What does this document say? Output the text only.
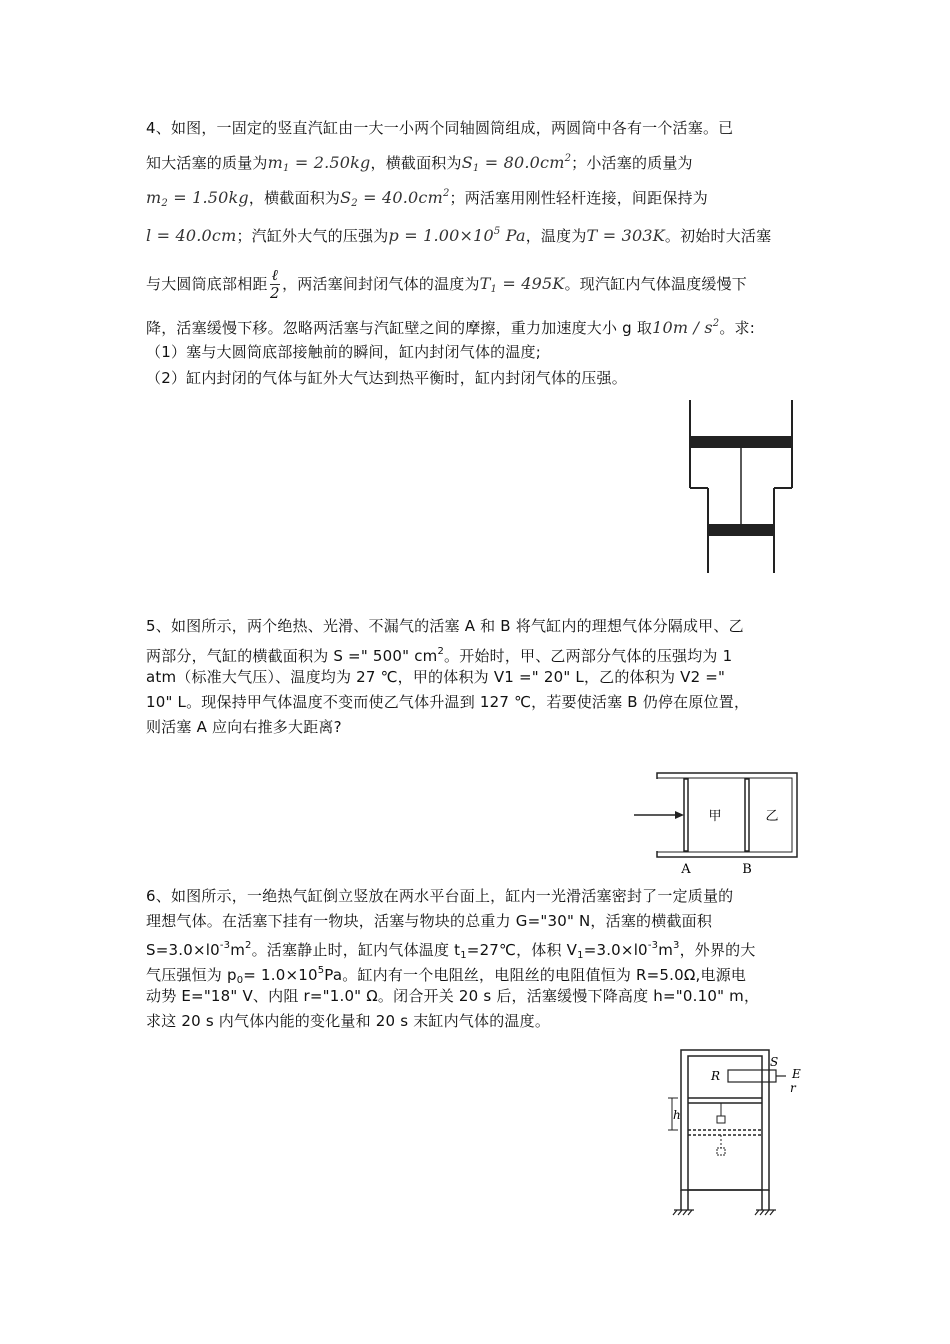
4、如图，一固定的竖直汽缸由一大一小两个同轴圆筒组成，两圆筒中各有一个活塞。已
知大活塞的质量为m1 = 2.50kg，横截面积为$S1 = 80.0cm^2$；小活塞的质量为
m2 = 1.50kg，横截面积为$S2 = 40.0cm^2$；两活塞用刚性轻杆连接，间距保持为
l = 40.0cm；汽缸外大气的压强为$p = 1.00\times 10^5$ Pa，温度为T = 303K。初始时大活塞
与大圆筒底部相距 $\frac{\text{ℓ}}{2}$ ，两活塞间封闭气体的温度为T1 = 495K。现汽缸内气体温度缓慢下
降，活塞缓慢下移。忽略两活塞与汽缸壁之间的摩擦，重力加速度大小 g 取$10m / s^2$。求:
（1）塞与大圆筒底部接触前的瞬间，缸内封闭气体的温度;
（2）缸内封闭的气体与缸外大气达到热平衡时，缸内封闭气体的压强。
5、如图所示，两个绝热、光滑、不漏气的活塞 A 和 B 将气缸内的理想气体分隔成甲、乙
两部分，气缸的横截面积为 S =" 500" $cm^2$。开始时，甲、乙两部分气体的压强均为 1
atm（标准大气压）、温度均为 27 ℃，甲的体积为 V1 =" 20" L，乙的体积为 V2 ="
10" L。现保持甲气体温度不变而使乙气体升温到 127 ℃，若要使活塞 B 仍停在原位置，
则活塞 A 应向右推多大距离?
甲	乙
A	B
6、如图所示，一绝热气缸倒立竖放在两水平台面上，缸内一光滑活塞密封了一定质量的
理想气体。在活塞下挂有一物块，活塞与物块的总重力 G="30" N，活塞的横截面积
$S=3.0\times l0^{-3}m^2$。活塞静止时，缸内气体温度 $t_1=27℃$，体积 $V_1=3.0\times l0^{-3}m^3$，外界的大
气压强恒为 $p_0= 1.0\times 10^5Pa$。缸内有一个电阻丝，电阻丝的电阻值恒为 R=5.0Ω,电源电
动势 E="18" V、内阻 r="1.0" Ω。闭合开关 20 s 后，活塞缓慢下降高度 h="0.10" m，
求这 20 s 内气体内能的变化量和 20 s 末缸内气体的温度。
S
R	E
r
h
